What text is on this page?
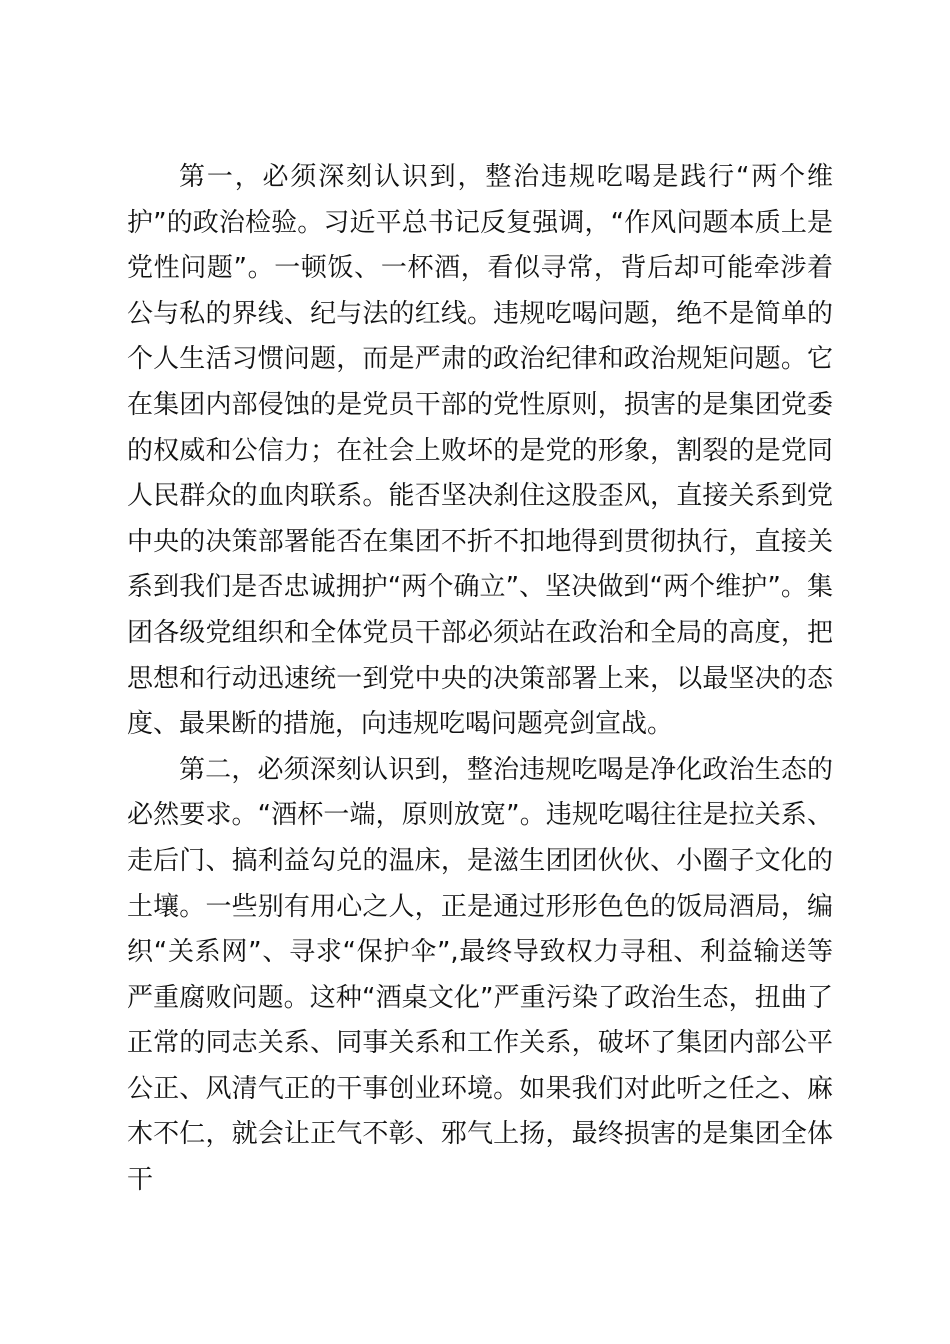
第一，必须深刻认识到，整治违规吃喝是践行“两个维护”的政治检验。习近平总书记反复强调，“作风问题本质上是党性问题”。一顿饭、一杯酒，看似寻常，背后却可能牵涉着公与私的界线、纪与法的红线。违规吃喝问题，绝不是简单的个人生活习惯问题，而是严肃的政治纪律和政治规矩问题。它在集团内部侵蚀的是党员干部的党性原则，损害的是集团党委的权威和公信力；在社会上败坏的是党的形象，割裂的是党同人民群众的血肉联系。能否坚决刹住这股歪风，直接关系到党中央的决策部署能否在集团不折不扣地得到贯彻执行，直接关系到我们是否忠诚拥护“两个确立”、坚决做到“两个维护”。集团各级党组织和全体党员干部必须站在政治和全局的高度，把思想和行动迅速统一到党中央的决策部署上来，以最坚决的态度、最果断的措施，向违规吃喝问题亮剑宣战。

第二，必须深刻认识到，整治违规吃喝是净化政治生态的必然要求。“酒杯一端，原则放宽”。违规吃喝往往是拉关系、走后门、搞利益勾兑的温床，是滋生团团伙伙、小圈子文化的土壤。一些别有用心之人，正是通过形形色色的饭局酒局，编织“关系网”、寻求“保护伞”,最终导致权力寻租、利益输送等严重腐败问题。这种“酒桌文化”严重污染了政治生态，扭曲了正常的同志关系、同事关系和工作关系，破坏了集团内部公平公正、风清气正的干事创业环境。如果我们对此听之任之、麻木不仁，就会让正气不彰、邪气上扬，最终损害的是集团全体干
